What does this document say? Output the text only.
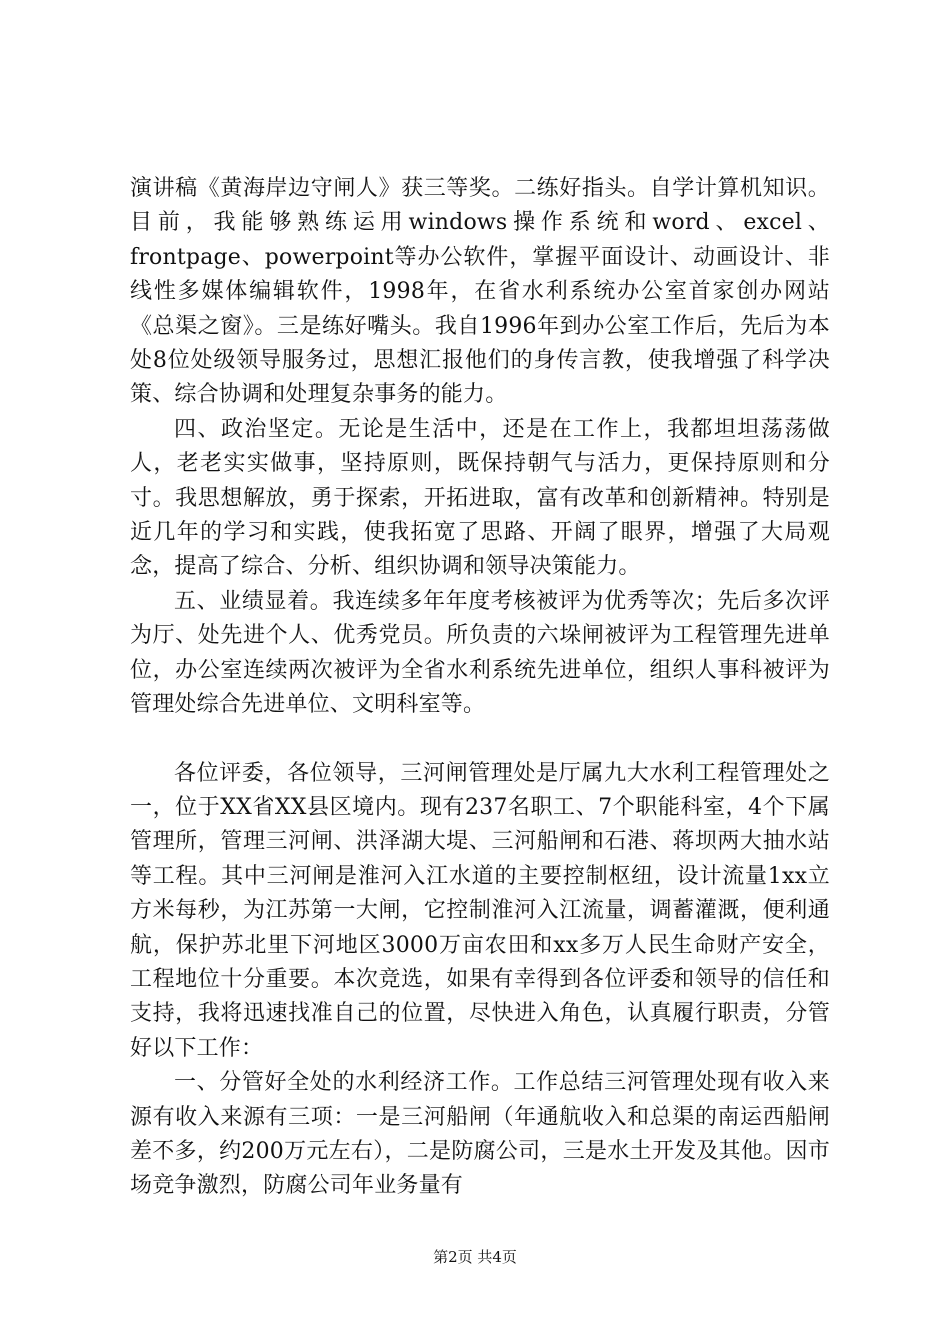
演讲稿《黄海岸边守闸人》获三等奖。二练好指头。自学计算机知识。目前，我能够熟练运用windows操作系统和word、excel、frontpage、powerpoint等办公软件，掌握平面设计、动画设计、非线性多媒体编辑软件，1998年，在省水利系统办公室首家创办网站《总渠之窗》。三是练好嘴头。我自1996年到办公室工作后，先后为本处8位处级领导服务过，思想汇报他们的身传言教，使我增强了科学决策、综合协调和处理复杂事务的能力。

四、政治坚定。无论是生活中，还是在工作上，我都坦坦荡荡做人，老老实实做事，坚持原则，既保持朝气与活力，更保持原则和分寸。我思想解放，勇于探索，开拓进取，富有改革和创新精神。特别是近几年的学习和实践，使我拓宽了思路、开阔了眼界，增强了大局观念，提高了综合、分析、组织协调和领导决策能力。

五、业绩显着。我连续多年年度考核被评为优秀等次；先后多次评为厅、处先进个人、优秀党员。所负责的六垛闸被评为工程管理先进单位，办公室连续两次被评为全省水利系统先进单位，组织人事科被评为管理处综合先进单位、文明科室等。

各位评委，各位领导，三河闸管理处是厅属九大水利工程管理处之一，位于XX省XX县区境内。现有237名职工、7个职能科室，4个下属管理所，管理三河闸、洪泽湖大堤、三河船闸和石港、蒋坝两大抽水站等工程。其中三河闸是淮河入江水道的主要控制枢纽，设计流量1xx立方米每秒，为江苏第一大闸，它控制淮河入江流量，调蓄灌溉，便利通航，保护苏北里下河地区3000万亩农田和xx多万人民生命财产安全，工程地位十分重要。本次竞选，如果有幸得到各位评委和领导的信任和支持，我将迅速找准自己的位置，尽快进入角色，认真履行职责，分管好以下工作：

一、分管好全处的水利经济工作。工作总结三河管理处现有收入来源有收入来源有三项：一是三河船闸（年通航收入和总渠的南运西船闸差不多，约200万元左右），二是防腐公司，三是水土开发及其他。因市场竞争激烈，防腐公司年业务量有

第2页 共4页
